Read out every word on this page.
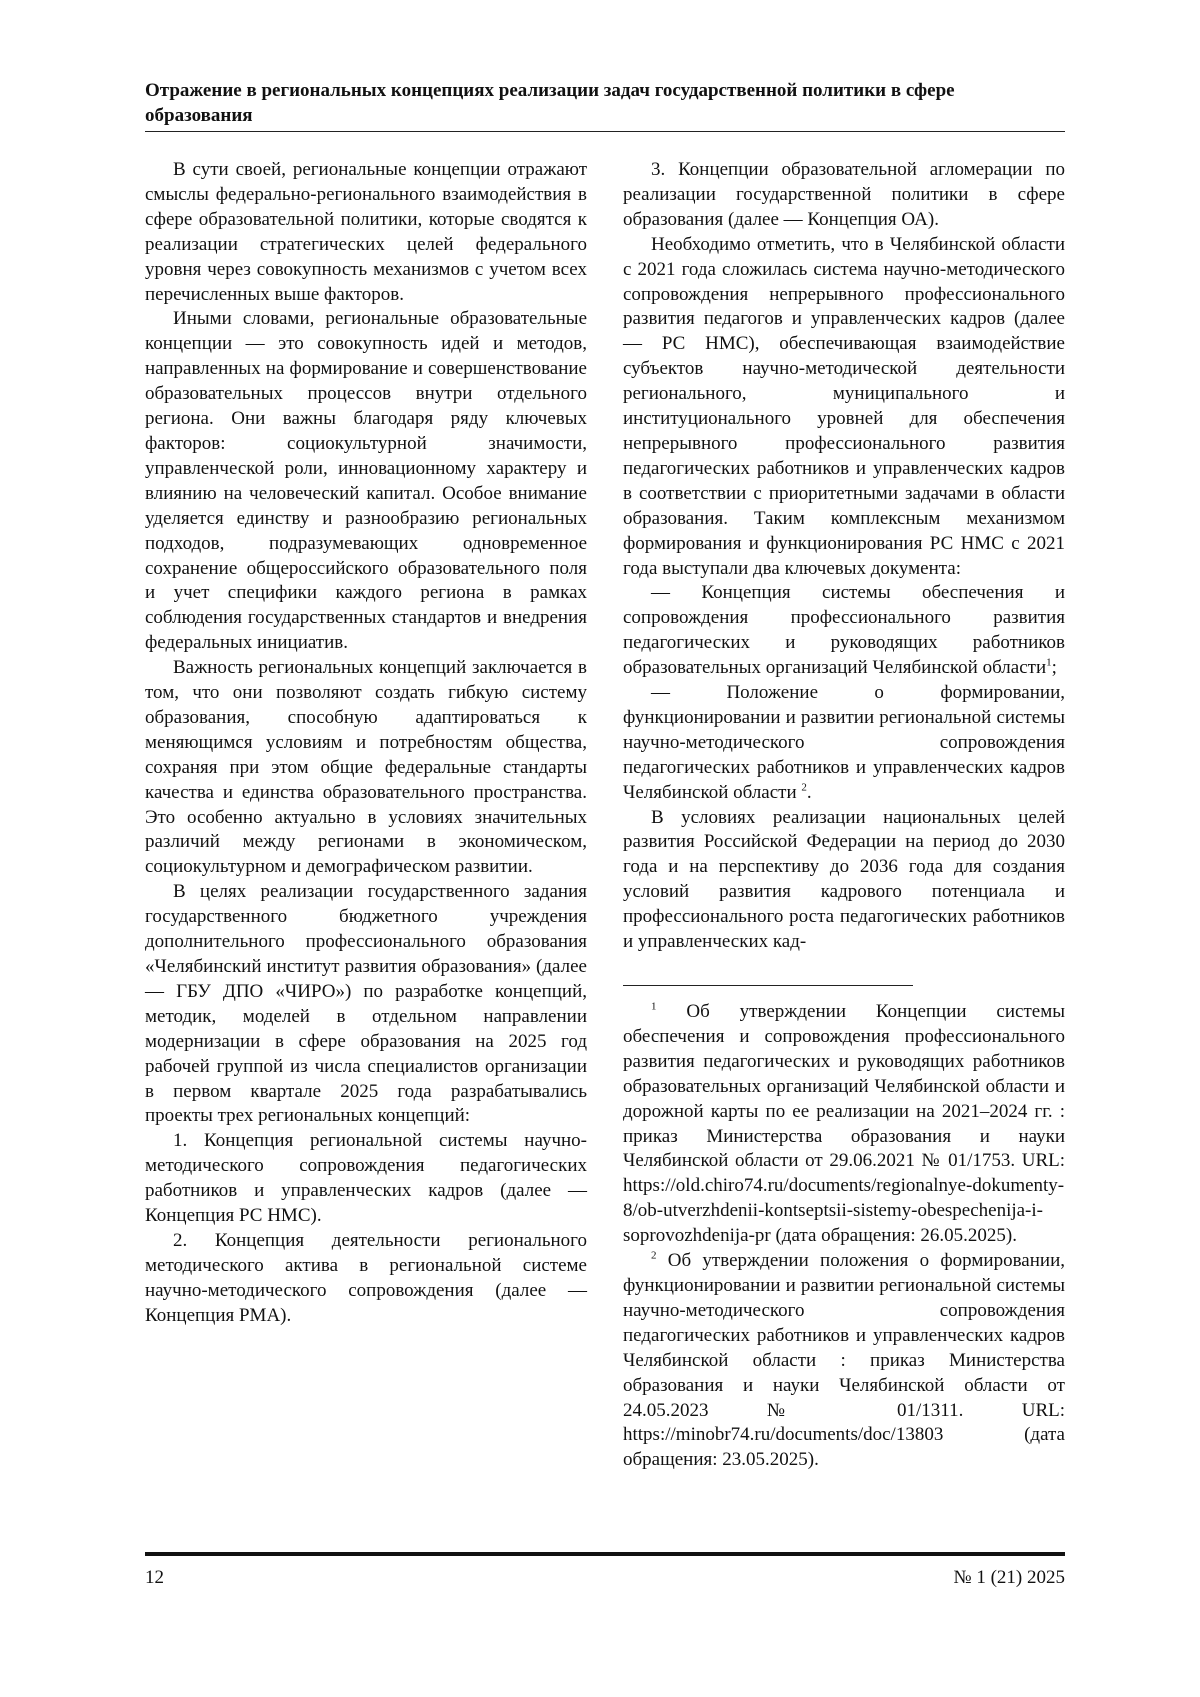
Отражение в региональных концепциях реализации задач государственной политики в сфере образования

В сути своей, региональные концепции отражают смыслы федерально-регионального взаимодействия в сфере образовательной политики, которые сводятся к реализации стратегических целей федерального уровня через совокупность механизмов с учетом всех перечисленных выше факторов.

Иными словами, региональные образовательные концепции — это совокупность идей и методов, направленных на формирование и совершенствование образовательных процессов внутри отдельного региона. Они важны благодаря ряду ключевых факторов: социокультурной значимости, управленческой роли, инновационному характеру и влиянию на человеческий капитал. Особое внимание уделяется единству и разнообразию региональных подходов, подразумевающих одновременное сохранение общероссийского образовательного поля и учет специфики каждого региона в рамках соблюдения государственных стандартов и внедрения федеральных инициатив.

Важность региональных концепций заключается в том, что они позволяют создать гибкую систему образования, способную адаптироваться к меняющимся условиям и потребностям общества, сохраняя при этом общие федеральные стандарты качества и единства образовательного пространства. Это особенно актуально в условиях значительных различий между регионами в экономическом, социокультурном и демографическом развитии.

В целях реализации государственного задания государственного бюджетного учреждения дополнительного профессионального образования «Челябинский институт развития образования» (далее — ГБУ ДПО «ЧИРО») по разработке концепций, методик, моделей в отдельном направлении модернизации в сфере образования на 2025 год рабочей группой из числа специалистов организации в первом квартале 2025 года разрабатывались проекты трех региональных концепций:

1. Концепция региональной системы научно-методического сопровождения педагогических работников и управленческих кадров (далее — Концепция РС НМС).

2. Концепция деятельности регионального методического актива в региональной системе научно-методического сопровождения (далее — Концепция РМА).

3. Концепции образовательной агломерации по реализации государственной политики в сфере образования (далее — Концепция ОА).

Необходимо отметить, что в Челябинской области с 2021 года сложилась система научно-методического сопровождения непрерывного профессионального развития педагогов и управленческих кадров (далее — РС НМС), обеспечивающая взаимодействие субъектов научно-методической деятельности регионального, муниципального и институционального уровней для обеспечения непрерывного профессионального развития педагогических работников и управленческих кадров в соответствии с приоритетными задачами в области образования. Таким комплексным механизмом формирования и функционирования РС НМС с 2021 года выступали два ключевых документа:

— Концепция системы обеспечения и сопровождения профессионального развития педагогических и руководящих работников образовательных организаций Челябинской области$^1$;

— Положение о формировании, функционировании и развитии региональной системы научно-методического сопровождения педагогических работников и управленческих кадров Челябинской области $^2$.

В условиях реализации национальных целей развития Российской Федерации на период до 2030 года и на перспективу до 2036 года для создания условий развития кадрового потенциала и профессионального роста педагогических работников и управленческих кад-

$^1$ Об утверждении Концепции системы обеспечения и сопровождения профессионального развития педагогических и руководящих работников образовательных организаций Челябинской области и дорожной карты по ее реализации на 2021–2024 гг. : приказ Министерства образования и науки Челябинской области от 29.06.2021 № 01/1753. URL: https://old.chiro74.ru/documents/regionalnye-dokumenty-8/ob-utverzhdenii-kontseptsii-sistemy-obespechenija-i-soprovozhdenija-pr (дата обращения: 26.05.2025).

$^2$ Об утверждении положения о формировании, функционировании и развитии региональной системы научно-методического сопровождения педагогических работников и управленческих кадров Челябинской области : приказ Министерства образования и науки Челябинской области от 24.05.2023 № 01/1311. URL: https://minobr74.ru/documents/doc/13803 (дата обращения: 23.05.2025).

12	№ 1 (21) 2025
